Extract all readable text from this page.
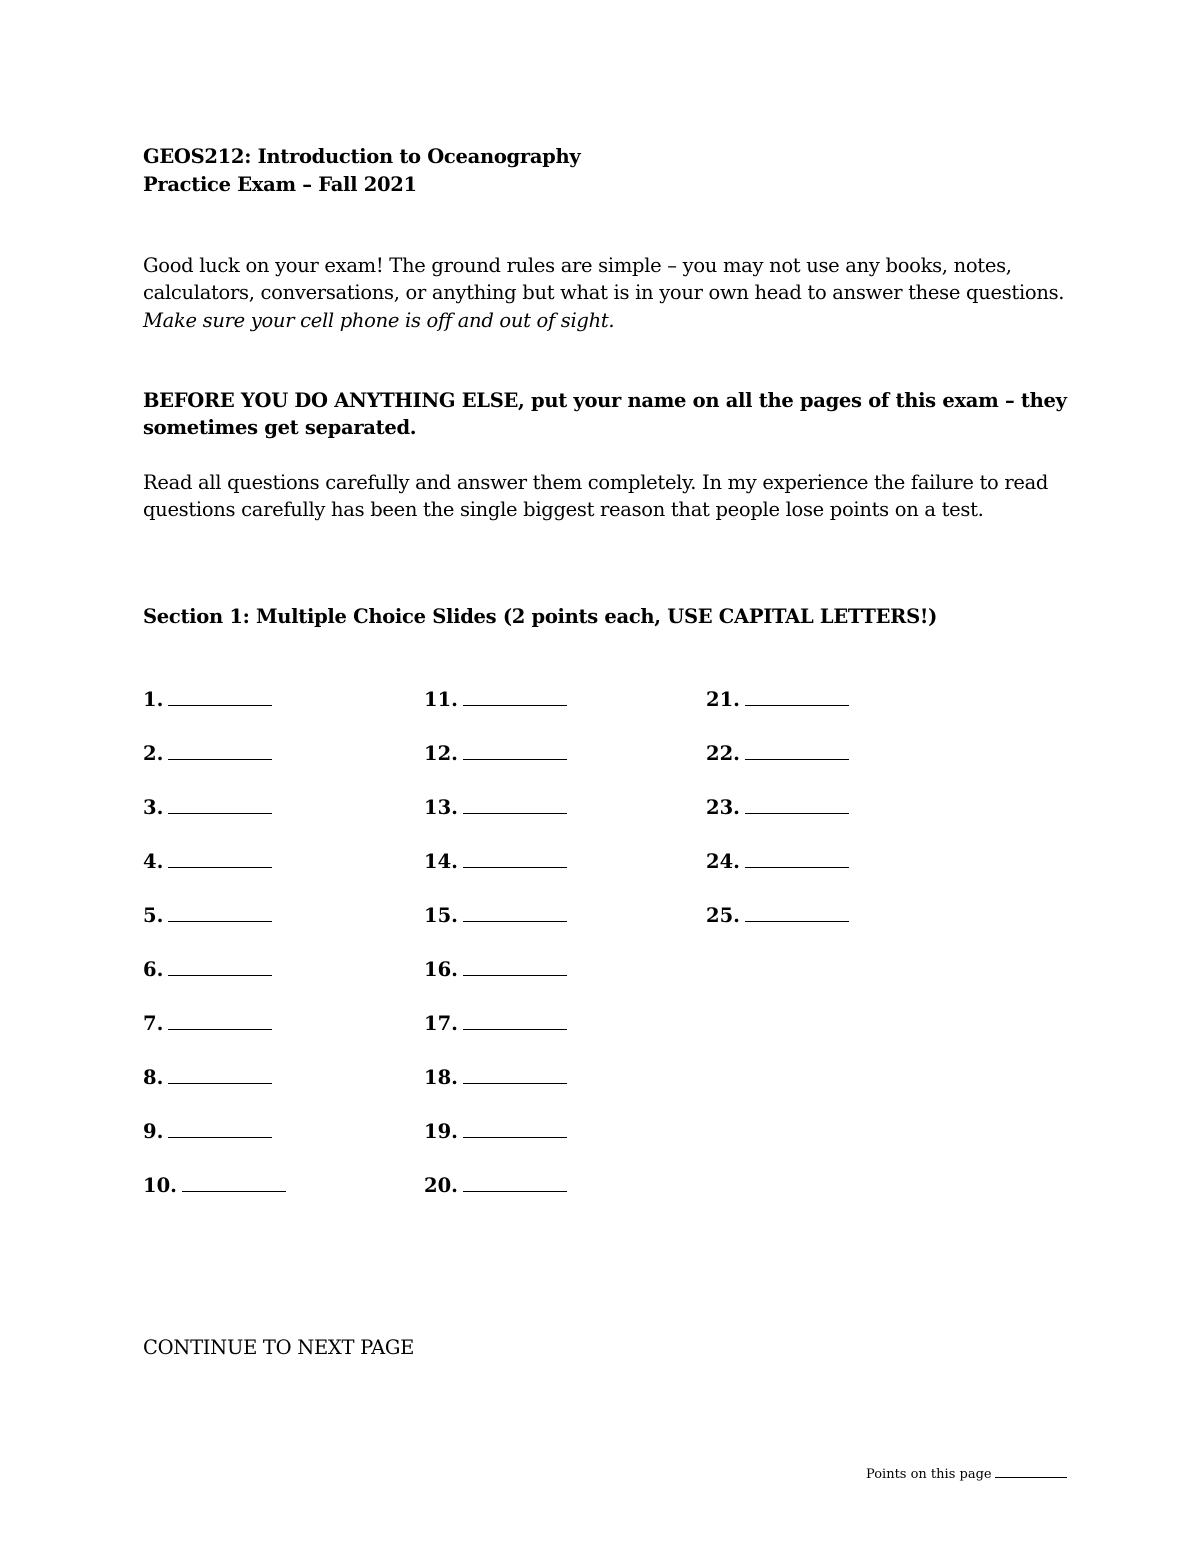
GEOS212: Introduction to Oceanography
Practice Exam – Fall 2021
Good luck on your exam! The ground rules are simple – you may not use any books, notes,
calculators, conversations, or anything but what is in your own head to answer these questions.
Make sure your cell phone is off and out of sight.
BEFORE YOU DO ANYTHING ELSE, put your name on all the pages of this exam – they
sometimes get separated.
Read all questions carefully and answer them completely. In my experience the failure to read
questions carefully has been the single biggest reason that people lose points on a test.
Section 1: Multiple Choice Slides (2 points each, USE CAPITAL LETTERS!)
1.
2.
3.
4.
5.
6.
7.
8.
9.
10.
11.
12.
13.
14.
15.
16.
17.
18.
19.
20.
21.
22.
23.
24.
25.
CONTINUE TO NEXT PAGE
Points on this page
